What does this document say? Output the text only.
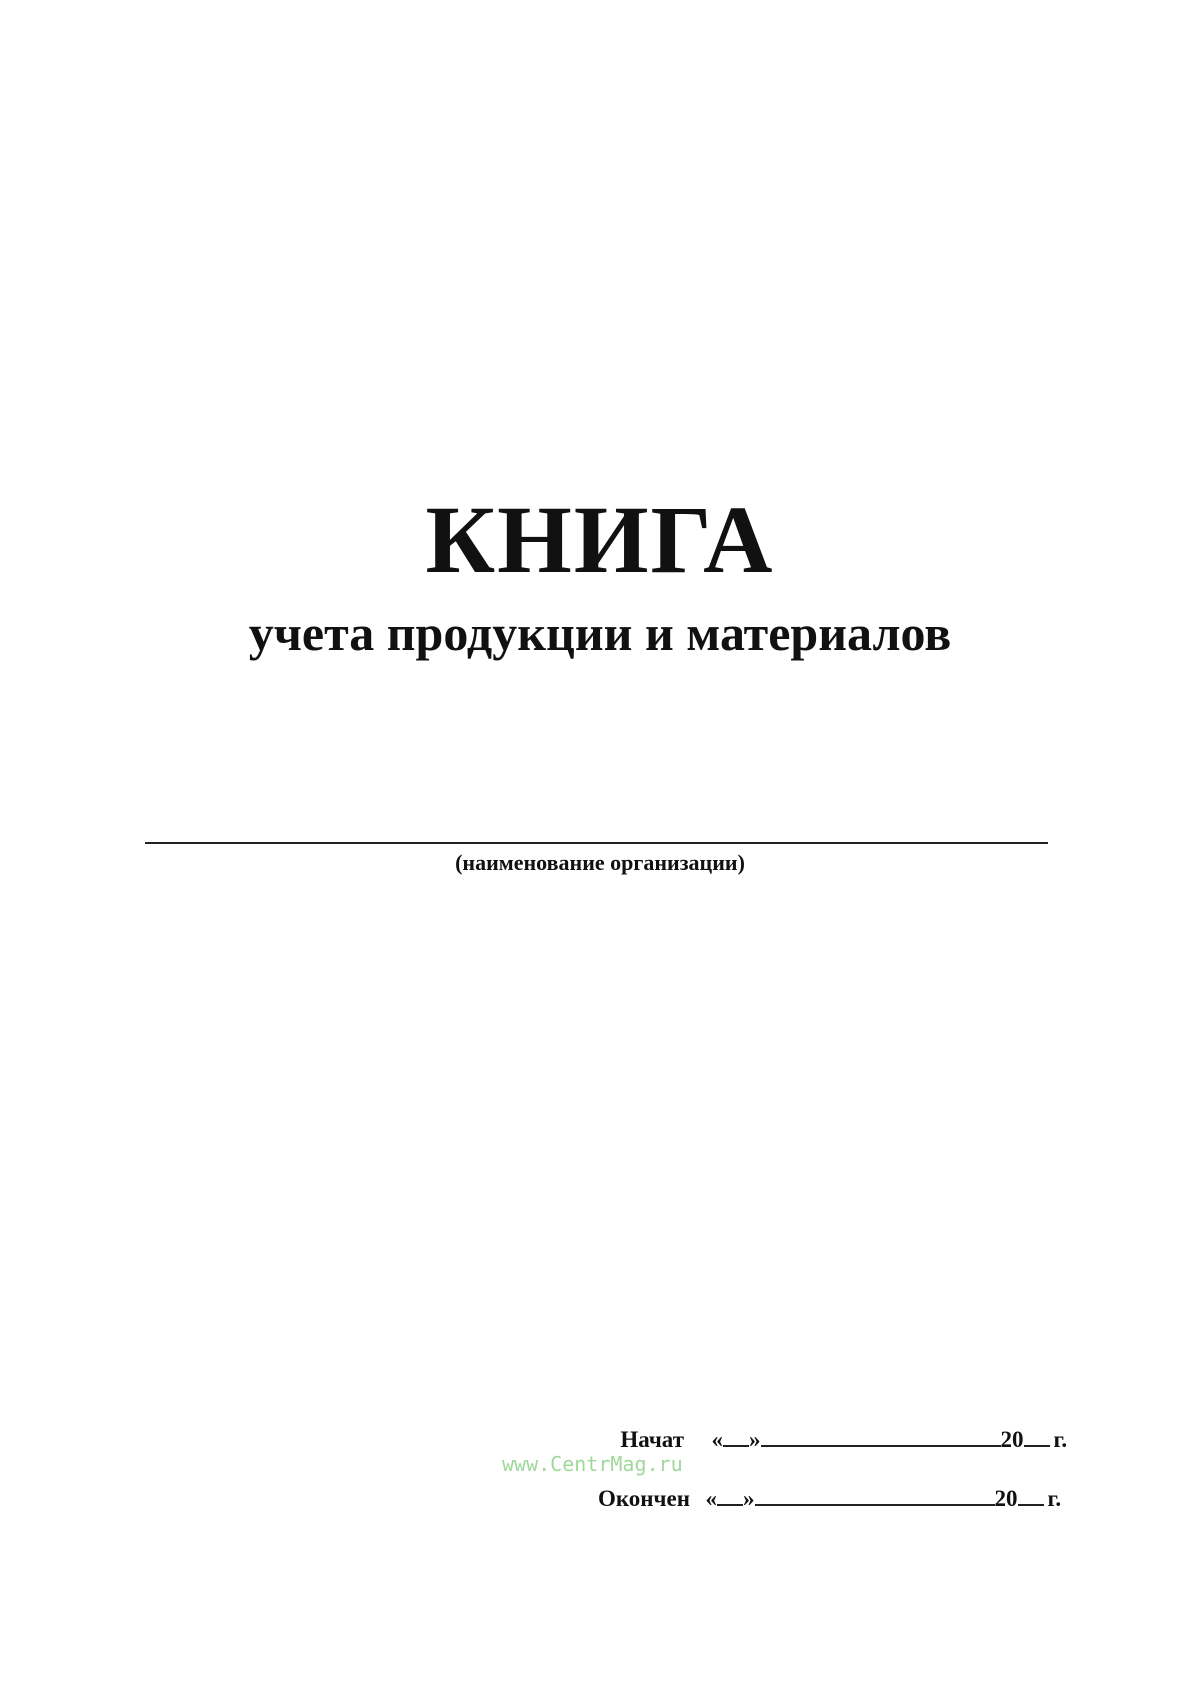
КНИГА
учета продукции и материалов
(наименование организации)
Начат « »	20 г.
www.CentrMag.ru
Окончен « »	20 г.
